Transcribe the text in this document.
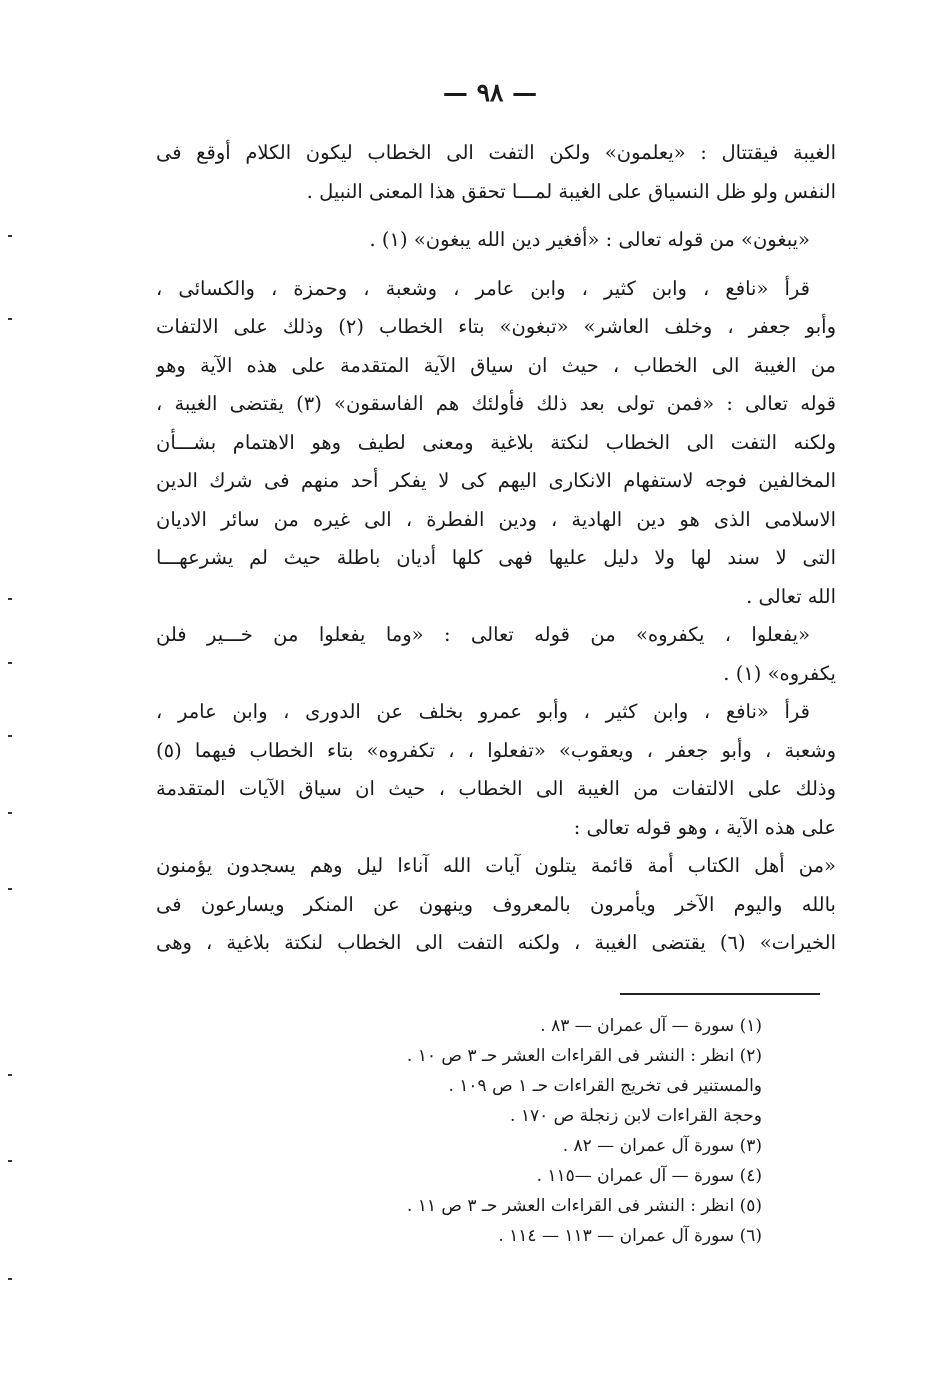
— ٩٨ —
الغيبة فيقتتال : «يعلمون» ولكن التفت الى الخطاب ليكون الكلام أوقع فى
النفس ولو ظل النسياق على الغيبة لمـــا تحقق هذا المعنى النبيل .
«يبغون» من قوله تعالى : «أفغير دين الله يبغون» (١) .
قرأ «نافع ، وابن كثير ، وابن عامر ، وشعبة ، وحمزة ، والكسائى ،
وأبو جعفر ، وخلف العاشر» «تبغون» بتاء الخطاب (٢) وذلك على الالتفات
من الغيبة الى الخطاب ، حيث ان سياق الآية المتقدمة على هذه الآية وهو
قوله تعالى : «فمن تولى بعد ذلك فأولئك هم الفاسقون» (٣) يقتضى الغيبة ،
ولكنه التفت الى الخطاب لنكتة بلاغية ومعنى لطيف وهو الاهتمام بشـــأن
المخالفين فوجه لاستفهام الانكارى اليهم كى لا يفكر أحد منهم فى شرك الدين
الاسلامى الذى هو دين الهادية ، ودين الفطرة ، الى غيره من سائر الاديان
التى لا سند لها ولا دليل عليها فهى كلها أديان باطلة حيث لم يشرعهـــا
الله تعالى .
«يفعلوا ، يكفروه» من قوله تعالى : «وما يفعلوا من خـــير فلن
يكفروه» (١) .
قرأ «نافع ، وابن كثير ، وأبو عمرو بخلف عن الدورى ، وابن عامر ،
وشعبة ، وأبو جعفر ، ويعقوب» «تفعلوا ، ، تكفروه» بتاء الخطاب فيهما (٥)
وذلك على الالتفات من الغيبة الى الخطاب ، حيث ان سياق الآيات المتقدمة
على هذه الآية ، وهو قوله تعالى :
«من أهل الكتاب أمة قائمة يتلون آيات الله آناءا ليل وهم يسجدون يؤمنون
بالله واليوم الآخر ويأمرون بالمعروف وينهون عن المنكر ويسارعون فى
الخيرات» (٦) يقتضى الغيبة ، ولكنه التفت الى الخطاب لنكتة بلاغية ، وهى
(١) سورة — آل عمران — ٨٣ .
(٢) انظر : النشر فى القراءات العشر حـ ٣ ص ١٠ .
والمستنير فى تخريج القراءات حـ ١ ص ١٠٩ .
وحجة القراءات لابن زنجلة ص ١٧٠ .
(٣) سورة آل عمران — ٨٢ .
(٤) سورة — آل عمران —١١٥ .
(٥) انظر : النشر فى القراءات العشر حـ ٣ ص ١١ .
(٦) سورة آل عمران — ١١٣ — ١١٤ .
